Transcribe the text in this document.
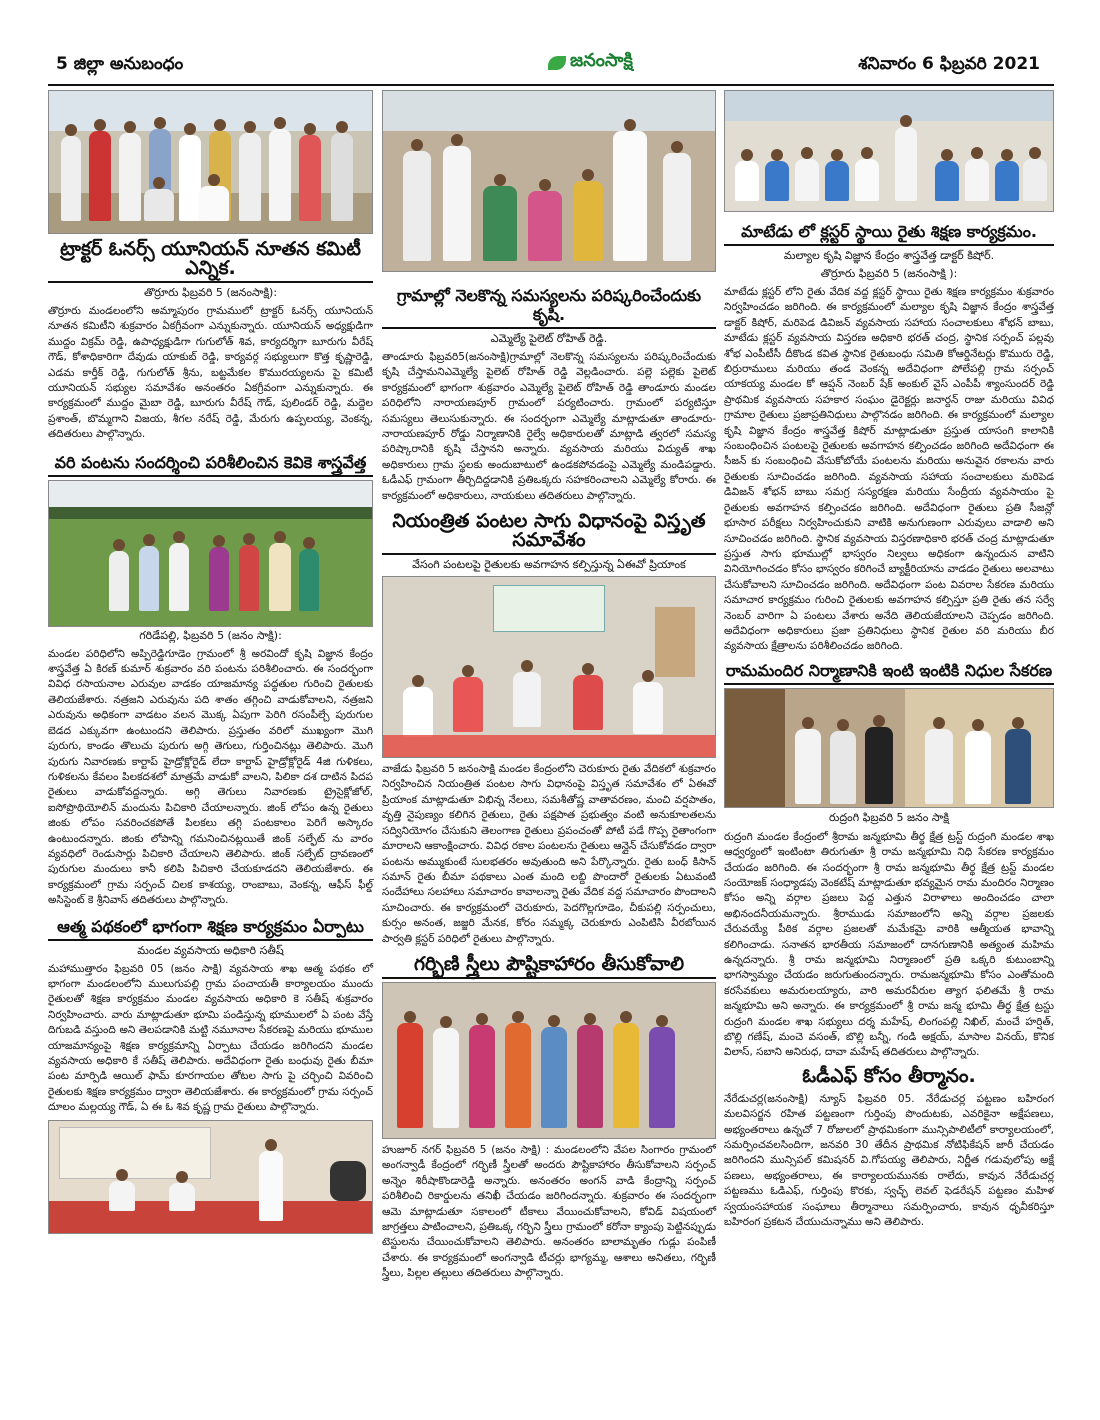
5 జిల్లా అనుబంధం	జనంసాక్షి	శనివారం 6 ఫిబ్రవరి 2021
ట్రాక్టర్ ఓనర్స్ యూనియన్ నూతన కమిటీ ఎన్నిక.
తొర్రూరు ఫిబ్రవరి 5 (జనంసాక్షి):

తొర్రూరు మండలంలోని అమ్మాపురం గ్రామములో ట్రాక్టర్ ఓనర్స్ యూనియన్ నూతన కమిటీని శుక్రవారం ఏకగ్రీవంగా ఎన్నుకున్నారు. యూనియన్ అధ్యక్షుడిగా ముద్దం విక్రమ్ రెడ్డి, ఉపాధ్యక్షుడిగా గుగులోత్ శివ, కార్యదర్శిగా బూరుగు వీరేష్ గౌడ్, కోశాధికారిగా దేవుడు యాకుబ్ రెడ్డి, కార్యవర్గ సభ్యులుగా కొత్త కృష్ణారెడ్డి, ఎడమ కార్తీక్ రెడ్డి, గుగులోత్ శ్రీను, బట్టమేకల కొమురయ్యలను పై కమిటీ యూనియన్ సభ్యుల సమావేశం అనంతరం ఏకగ్రీవంగా ఎన్నుకున్నారు. ఈ కార్యక్రమంలో ముద్దం మైబా రెడ్డి, బూరుగు వీరేష్ గౌడ్, పులిండర్ రెడ్డి, మద్దెల ప్రశాంత్, బొమ్మగాని విజయ, శీగల నరేష్ రెడ్డి, మేరుగు ఉప్పలయ్య, వెంకన్న, తదితరులు పాల్గొన్నారు.

వరి పంటను సందర్శించి పరిశీలించిన కెవికె శాస్త్రవేత్త
గరిడేపల్లి, ఫిబ్రవరి 5 (జనం సాక్షి):

మండల పరిధిలోని అప్పిరెడ్డిగూడెం గ్రామంలో శ్రీ అరవిందో కృషి విజ్ఞాన కేంద్రం శాస్త్రవేత్త ఏ కిరణ్ కుమార్ శుక్రవారం వరి పంటను పరిశీలించారు. ఈ సందర్భంగా వివిధ రసాయనాల ఎరువుల వాడకం యాజమాన్య పద్ధతుల గురించి రైతులకు తెలియజేశారు. నత్రజని ఎరువును పది శాతం తగ్గించి వాడుకోవాలని, నత్రజని ఎరువును అధికంగా వాడటం వలన మొక్క ఏపుగా పెరిగి రసంపీల్చే పురుగుల బెడద ఎక్కువగా ఉంటుందని తెలిపారు. ప్రస్తుతం వరిలో ముఖ్యంగా మొగి పురుగు, కాండం తొలుచు పురుగు అగ్గి తెగులు, గుర్తించినట్లు తెలిపారు. మొగి పురుగు నివారణకు కార్టాప్ హైడ్రోక్లోరైడ్ లేదా కార్టాప్ హైడ్రోక్లోరైడ్ 4జి గుళికలు, గుళికలను కేవలం పిలకదశలో మాత్రమే వాడుకో వాలని, పిలికా దశ దాటిన పిదప రైతులు వాడుకోవద్దన్నారు. అగ్గి తెగులు నివారణకు ట్రైసైక్లోజోల్, ఐసోప్రొథియోలిన్ మందును పిచికారి చేయాలన్నారు. జింక్ లోపం ఉన్న రైతులు జింకు లోపం సవరించకపోతే పిలకలు తగ్గి పంటకాలం పెరిగే అస్కారం ఉంటుందన్నారు. జింకు లోపాన్ని గమనించినట్లయితే జింక్ సల్ఫేట్ ను వారం వ్యవధిలో రెండుసార్లు పిచికారి చేయాలని తెలిపారు. జింక్ సల్ఫేట్ ద్రావణంలో పురుగుల మందులు కానీ కలిపి పిచికారి చేయకూడదని తెలియజేశారు. ఈ కార్యక్రమంలో గ్రామ సర్పంచ్ చిలక కాశయ్య, రాంబాబు, వెంకన్న, ఆఫీస్ ఫీల్డ్ అసిస్టెంట్ కె శ్రీనివాస్ తదితరులు పాల్గొన్నారు.

ఆత్మ పథకంలో భాగంగా శిక్షణ కార్యక్రమం ఏర్పాటు
మండల వ్యవసాయ అధికారి సతీష్

మహాముత్తారం ఫిబ్రవరి 05 (జనం సాక్షి) వ్యవసాయ శాఖ ఆత్మ పథకం లో భాగంగా మండలంలోని ములుగుపల్లి గ్రామ పంచాయతీ కార్యాలయం ముందు రైతులతో శిక్షణ కార్యక్రమం మండల వ్యవసాయ అధికారి కె సతీష్ శుక్రవారం నిర్వహించారు. వారు మాట్లాడుతూ భూమి పండిస్తున్న భూములలో ఏ పంట వేస్తే దిగుబడి వస్తుంది అని తెలపడానికి మట్టి నమూనాల సేకరణపై మరియు భూముల యాజమాన్యంపై శిక్షణ కార్యక్రమాన్ని ఏర్పాటు చేయడం జరిగిందని మండల వ్యవసాయ అధికారి కే సతీష్ తెలిపారు. అదేవిధంగా రైతు బంధువు రైతు బీమా పంట మార్పిడి ఆయిల్ ఫామ్ కూరగాయల తోటల సాగు పై చర్చించి వివరించి రైతులకు శిక్షణ కార్యక్రమం ద్వారా తెలియజేశారు. ఈ కార్యక్రమంలో గ్రామ సర్పంచ్ దూలం మల్లయ్య గౌడ్, ఏ ఈ ఓ శివ కృష్ణ గ్రామ రైతులు పాల్గొన్నారు.

గ్రామాల్లో నెలకొన్న సమస్యలను పరిష్కరించేందుకు కృషి.
ఎమ్మెల్యే పైలెట్ రోహిత్ రెడ్డి.

తాండూరు ఫిబ్రవరి5(జనంసాక్షి)గ్రామాల్లో నెలకొన్న సమస్యలను పరిష్కరించేందుకు కృషి చేస్తామనిఎమ్మెల్యే పైలెట్ రోహిత్ రెడ్డి వెల్లడించారు. పల్లె పల్లెకు పైలెట్ కార్యక్రమంలో భాగంగా శుక్రవారం ఎమ్మెల్యే పైలెట్ రోహిత్ రెడ్డి తాండూరు మండల పరిధిలోని నారాయణపూర్ గ్రామంలో పర్యటించారు. గ్రామంలో పర్యటిస్తూ సమస్యలు తెలుసుకున్నారు. ఈ సందర్భంగా ఎమ్మెల్యే మాట్లాడుతూ తాండూరు-నారాయణపూర్ రోడ్డు నిర్మాణానికి రైల్వే అధికారులతో మాట్లాడి త్వరలో సమస్య పరిష్కారానికి కృషి చేస్తానని అన్నారు. వ్యవసాయ మరియు విద్యుత్ శాఖ అధికారులు గ్రామ స్థలకు అందుబాటులో ఉండకపోవడంపై ఎమ్మెల్యే మండిపడ్డారు. ఓడీఎఫ్ గ్రామంగా తీర్చిదిద్దడానికి ప్రతిఒక్కరు సహకరించాలని ఎమ్మెల్యే కోరారు. ఈ కార్యక్రమంలో అధికారులు, నాయకులు తదితరులు పాల్గొన్నారు.

నియంత్రిత పంటల సాగు విధానంపై విస్తృత సమావేశం
వేసంగి పంటలపై రైతులకు అవగాహన కల్పిస్తున్న ఏఈవో ప్రియాంక

వాజేడు ఫిబ్రవరి 5 జనంసాక్షి మండల కేంద్రంలోని చెరుకూరు రైతు వేదికలో శుక్రవారం నిర్వహించిన నియంత్రిత పంటల సాగు విధానంపై విస్తృత సమావేశం లో ఏఈవో ప్రియాంక మాట్లాడుతూ విభిన్న నేలలు, సమశీతోష్ణ వాతావరణం, మంచి వర్షపాతం, వృత్తి నైపుణ్యం కలిగిన రైతులు, రైతు పక్షపాత ప్రభుత్వం వంటి అనుకూలతలను సద్వినియోగం చేసుకుని తెలంగాణ రైతులు ప్రపంచంతో పోటీ పడే గొప్ప రైతాంగంగా మారాలని ఆకాంక్షించారు. వివిధ రకాల పంటలను రైతులు ఆన్లైన్ చేసుకోవడం ద్వారా పంటను అమ్ముకుంటే సులభతరం అవుతుంది అని పేర్కొన్నారు. రైతు బంధ్ కిసాన్ సమాన్ రైతు బీమా పథకాలు ఎంత మంది లబ్ది పొందారో రైతులకు ఏటువంటి సందేహాలు సలహాలు సమాచారం కావాలన్నా రైతు వేదిక వద్ద సమాచారం పొందాలని సూచించారు. ఈ కార్యక్రమంలో చెరుకూరు, పెదగొల్లగూడెం, చీకుపల్లి సర్పంచులు, కుర్సం అనంత, జజ్జరి మేనక, కోరం సమ్మక్క చెరుకూరు ఎంపిటిసి వీరబోయిన పార్వతి క్లస్టర్ పరిధిలో రైతులు పాల్గొన్నారు.

గర్భిణి స్త్రీలు పౌష్టికాహారం తీసుకోవాలి

హుజూర్ నగర్ ఫిబ్రవరి 5 (జనం సాక్షి) : మండలంలోని వేపల సింగారం గ్రామంలో అంగన్వాడీ కేంద్రంలో గర్భిణీ స్త్రీలతో అందరు పౌష్టికాహారం తీసుకోవాలని సర్పంచ్ అన్నెం శిరీషాకొండారెడ్డి అన్నారు. అనంతరం అంగన్ వాడి కేంద్రాన్ని సర్పంచ్ పరిశీలించి రికార్డులను తనిఖీ చేయడం జరిగిందన్నారు. శుక్రవారం ఈ సందర్భంగా ఆమె మాట్లాడుతూ సకాలంలో టీకాలు వేయించుకోవాలని, కోవిడ్ విషయంలో జాగ్రత్తలు పాటించాలని, ప్రతిఒక్క గర్భిని స్త్రీలు గ్రామంలో కరోనా క్యాంపు పెట్టినప్పుడు టెస్టులను చేయించుకోవాలని తెలిపారు. అనంతరం బాలామృతం గుడ్లు పంపిణీ చేశారు. ఈ కార్యక్రమంలో అంగన్వాడి టీచర్లు భాగ్యమ్మ, ఆశాలు అనితలు, గర్భిణీ స్త్రీలు, పిల్లల తల్లులు తదితరులు పాల్గొన్నారు.

మాటేడు లో క్లస్టర్ స్థాయి రైతు శిక్షణ కార్యక్రమం.
మల్యాల కృషి విజ్ఞాన కేంద్రం శాస్త్రవేత్త డాక్టర్ కిషోర్.
తొర్రూరు ఫిబ్రవరి 5 (జనంసాక్షి ):

మాటేడు క్లస్టర్ లోని రైతు వేదిక వద్ద క్లస్టర్ స్థాయి రైతు శిక్షణ కార్యక్రమం శుక్రవారం నిర్వహించడం జరిగింది. ఈ కార్యక్రమంలో మల్యాల కృషి విజ్ఞాన కేంద్రం శాస్త్రవేత్త డాక్టర్ కిషోర్, మరిపెడ డివిజన్ వ్యవసాయ సహాయ సంచాలకులు శోభన్ బాబు, మాటేడు క్లస్టర్ వ్యవసాయ విస్తరణ అధికారి భరత్ చంద్ర, స్థానిక సర్పంచ్ పల్లవు శోభ ఎంపీటీసీ దీకొండ కవిత స్థానిక రైతుబంధు సమితి కోఆర్డినేటర్లు కొమురు రెడ్డి, బిర్రురాములు మరియు తండ వెంకన్న అదేవిధంగా పోలేపల్లి గ్రామ సర్పంచ్ యాకయ్య మండల కో ఆప్షన్ నెంబర్ షేక్ అంకుల్ వైస్ ఎంపీపీ శ్యాంసుందర్ రెడ్డి ప్రాథమిక వ్యవసాయ సహకార సంఘం డైరెక్టర్లు జనార్దన్ రాజు మరియు వివిధ గ్రామాల రైతులు ప్రజాప్రతినిధులు పాల్గొనడం జరిగింది. ఈ కార్యక్రమంలో మల్యాల కృషి విజ్ఞాన కేంద్రం శాస్త్రవేత్త కిషోర్ మాట్లాడుతూ ప్రస్తుత యాసంగి కాలానికి సంబంధించిన పంటలపై రైతులకు అవగాహన కల్పించడం జరిగింది అదేవిధంగా ఈ సీజన్ కు సంబంధించి వేసుకోబోయే పంటలను మరియు అనువైన రకాలను వారు రైతులకు సూచించడం జరిగింది. వ్యవసాయ సహాయ సంచాలకులు మరిపెడ డివిజన్ శోభన్ బాబు సమగ్ర సస్యరక్షణ మరియు సేంద్రీయ వ్యవసాయం పై రైతులకు అవగాహన కల్పించడం జరిగింది. అదేవిధంగా రైతులు ప్రతి సీజన్లో భూసార పరీక్షలు నిర్వహించుకుని వాటికి అనుగుణంగా ఎరువులు వాడాలి అని సూచించడం జరిగింది. స్థానిక వ్యవసాయ విస్తరణాధికారి భరత్ చంద్ర మాట్లాడుతూ ప్రస్తుత సాగు భూముల్లో భాస్వరం నిల్వలు అధికంగా ఉన్నందున వాటిని వినియోగించడం కోసం భాస్వరం కరిగించే బ్యాక్టీరియాను వాడడం రైతులు అలవాటు చేసుకోవాలని సూచించడం జరిగింది. అదేవిధంగా పంట వివరాల సేకరణ మరియు సమాచార కార్యక్రమం గురించి రైతులకు అవగాహన కల్పిస్తూ ప్రతి రైతు తన సర్వే నెంబర్ వారిగా ఏ పంటలు వేశారు అనేది తెలియజేయాలని చెప్పడం జరిగింది. అదేవిధంగా అధికారులు ప్రజా ప్రతినిధులు స్థానిక రైతుల వరి మరియు బీర వ్యవసాయ క్షేత్రాలను పరిశీలించడం జరిగింది.

రామమందిర నిర్మాణానికి ఇంటి ఇంటికి నిధుల సేకరణ
రుద్రంగి ఫిబ్రవరి 5 జనం సాక్షి

రుద్రంగి మండల కేంద్రంలో శ్రీరామ జన్మభూమి తీర్థ క్షేత్ర ట్రస్ట్ రుద్రంగి మండల శాఖ ఆధ్వర్యంలో ఇంటింటా తిరుగుతూ శ్రీ రామ జన్మభూమి నిధి సేకరణ కార్యక్రమం చేయడం జరిగింది. ఈ సందర్భంగా శ్రీ రామ జన్మభూమి తీర్థ క్షేత్ర ట్రస్ట్ మండల సంయోజక్ సంధ్యాడపు వెంకటేష్ మాట్లాడుతూ భవ్యమైన రామ మందిరం నిర్మాణం కోసం అన్ని వర్గాల ప్రజలు పెద్ద ఎత్తున విరాళాలు అందించడం చాలా అభినందనీయమన్నారు. శ్రీరాముడు సమాజంలోని అన్ని వర్గాల ప్రజలకు చేరువయ్యే పీఠిక వర్గాల ప్రజలతో మమేకమై వారికి ఆత్మీయత భావాన్ని కలిగించాడు. సనాతన భారతీయ సమాజంలో దానగుణానికి అత్యంత మహిమ ఉన్నదన్నారు. శ్రీ రామ జన్మభూమి నిర్మాణంలో ప్రతి ఒక్కరి కుటుంబాన్ని భాగస్వామ్యం చేయడం జరుగుతుందన్నారు. రామజన్మభూమి కోసం ఎంతోమంది కరసేవకులు అమరులయ్యారు, వారి అమరవీరుల త్యాగ ఫలితమే శ్రీ రామ జన్మభూమి అని అన్నారు. ఈ కార్యక్రమంలో శ్రీ రామ జన్మ భూమి తీర్థ క్షేత్ర ట్రస్టు రుద్రంగి మండల శాఖ సభ్యులు దర్శ మహేష్, లింగంపల్లి నిఖిల్, మంచే హర్షిత్, బొల్లి గణేష్, మంచె వసంత్, బొల్లి బన్నీ, గండి అక్షయ్, మాసాల వినయ్, కొనిక విలాస్, సబాని అనిరుధ, దావా మహేష్ తదితరులు పాల్గొన్నారు.

ఓడీఎఫ్ కోసం తీర్మానం.

నేరేడుచర్ల(జనంసాక్షి) న్యూస్ ఫిబ్రవరి 05. నేరేడుచర్ల పట్టణం బహిరంగ మలవిసర్జన రహిత పట్టణంగా గుర్తింపు పొందుటకు, ఎవరికైనా అక్షేపణలు, అభ్యంతరాలు ఉన్నచో 7 రోజులలో ప్రాథమికంగా మున్సిపాలిటీలో కార్యాలయంలో, సమర్పించవలసిందిగా, జనవరి 30 తేదీన ప్రాథమిక నోటిఫికేషన్ జారీ చేయడం జరిగిందని మున్సిపల్ కమిషనర్ వి.గోపయ్య తెలిపారు, నిర్ణీత గడువులోపు అక్షే పణలు, అభ్యంతరాలు, ఈ కార్యాలయమునకు రాలేదు, కావున నేరేడుచర్ల పట్టణము ఓడిఎఫ్, గుర్తింపు కొరకు, స్వచ్ఛ్ లెవల్ ఫెడరేషన్ పట్టణం మహిళ స్వయంసహాయక సంఘాలు తీర్మానాలు సమర్పించారు, కావున ధృవీకరిస్తూ బహిరంగ ప్రకటన చేయుచున్నాము అని తెలిపారు.
